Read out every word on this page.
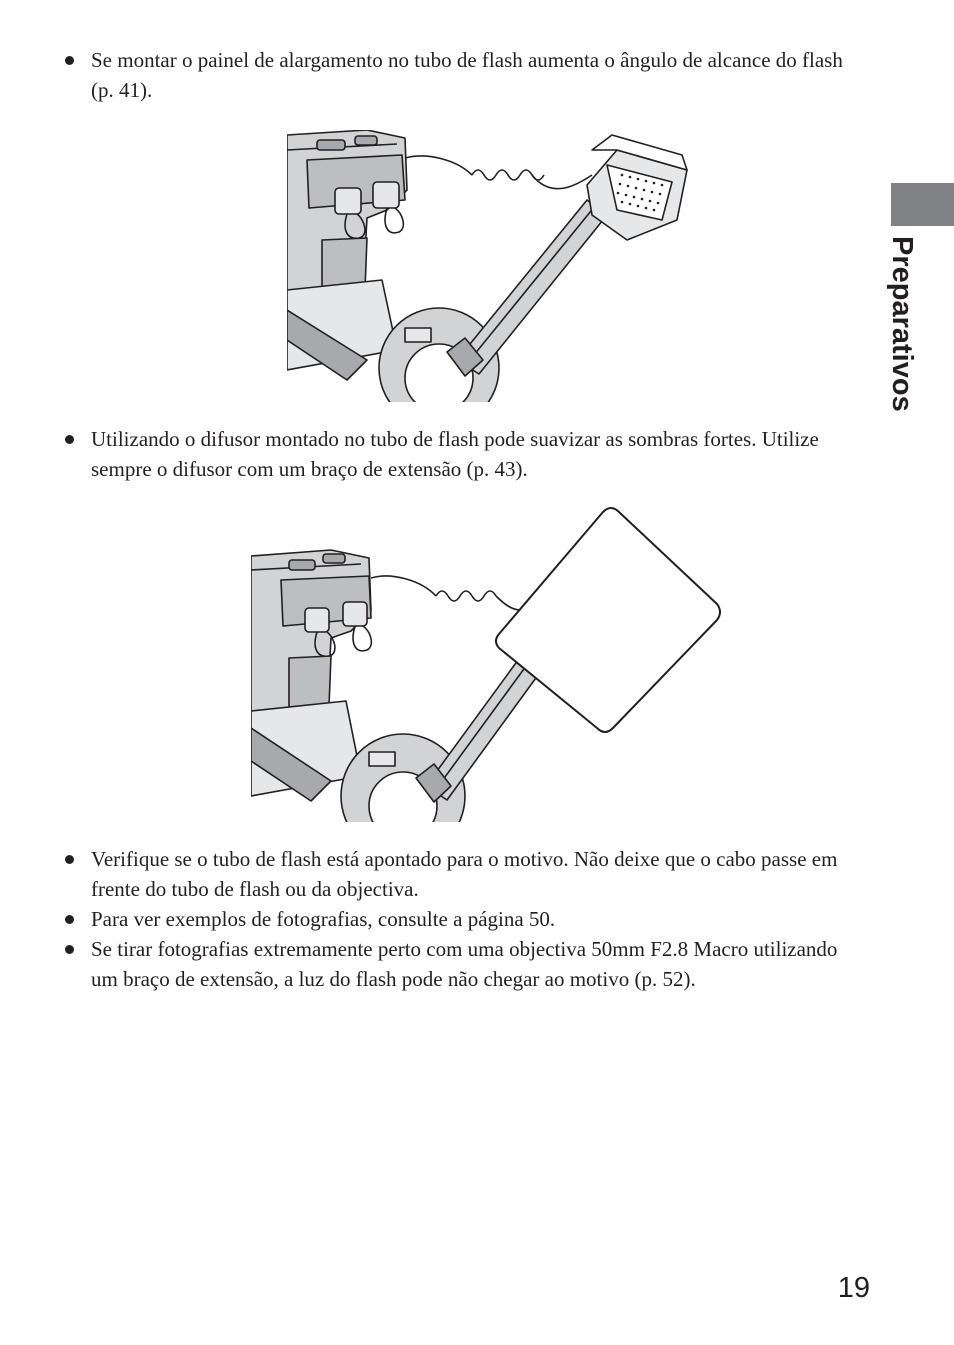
Se montar o painel de alargamento no tubo de flash aumenta o ângulo de alcance do flash (p. 41).
Utilizando o difusor montado no tubo de flash pode suavizar as sombras fortes. Utilize sempre o difusor com um braço de extensão (p. 43).
Verifique se o tubo de flash está apontado para o motivo. Não deixe que o cabo passe em frente do tubo de flash ou da objectiva.
Para ver exemplos de fotografias, consulte a página 50.
Se tirar fotografias extremamente perto com uma objectiva 50mm F2.8 Macro utilizando um braço de extensão, a luz do flash pode não chegar ao motivo (p. 52).
Preparativos
19
